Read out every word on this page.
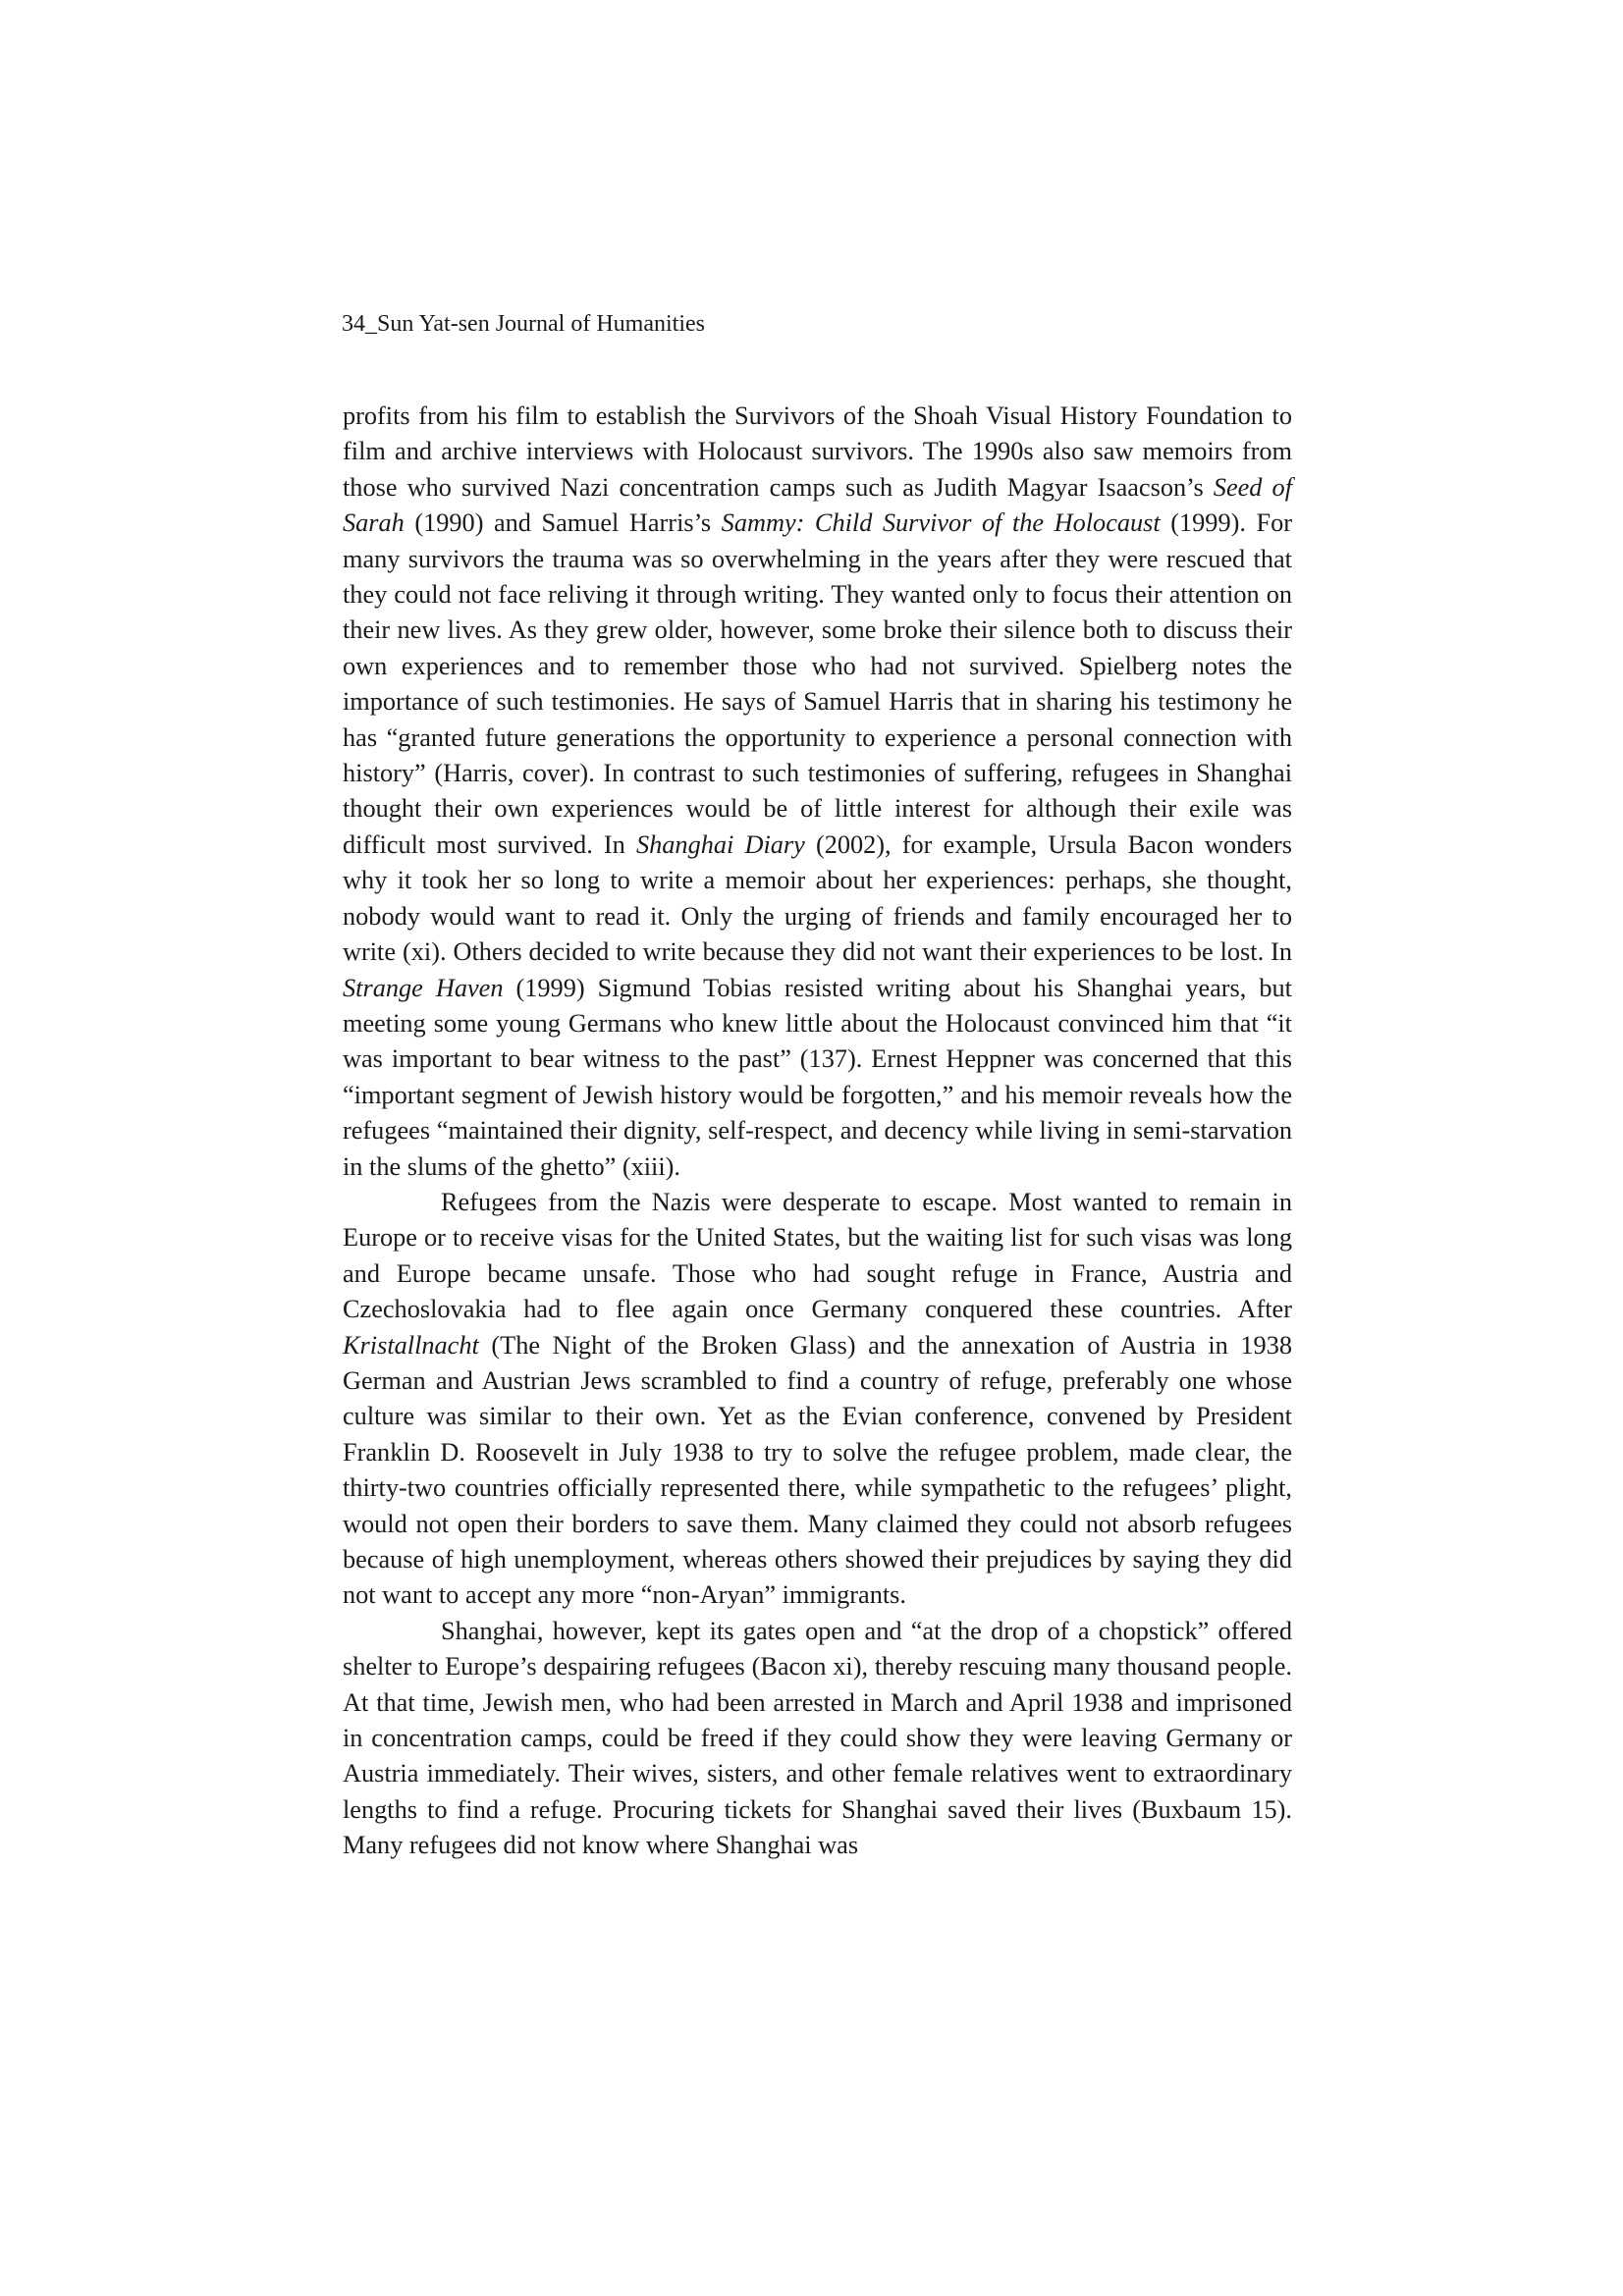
34_Sun Yat-sen Journal of Humanities

profits from his film to establish the Survivors of the Shoah Visual History Foundation to film and archive interviews with Holocaust survivors. The 1990s also saw memoirs from those who survived Nazi concentration camps such as Judith Magyar Isaacson’s Seed of Sarah (1990) and Samuel Harris’s Sammy: Child Survivor of the Holocaust (1999). For many survivors the trauma was so overwhelming in the years after they were rescued that they could not face reliving it through writing. They wanted only to focus their attention on their new lives. As they grew older, however, some broke their silence both to discuss their own experiences and to remember those who had not survived. Spielberg notes the importance of such testimonies. He says of Samuel Harris that in sharing his testimony he has “granted future generations the opportunity to experience a personal connection with history” (Harris, cover). In contrast to such testimonies of suffering, refugees in Shanghai thought their own experiences would be of little interest for although their exile was difficult most survived. In Shanghai Diary (2002), for example, Ursula Bacon wonders why it took her so long to write a memoir about her experiences: perhaps, she thought, nobody would want to read it. Only the urging of friends and family encouraged her to write (xi). Others decided to write because they did not want their experiences to be lost. In Strange Haven (1999) Sigmund Tobias resisted writing about his Shanghai years, but meeting some young Germans who knew little about the Holocaust convinced him that “it was important to bear witness to the past” (137). Ernest Heppner was concerned that this “important segment of Jewish history would be forgotten,” and his memoir reveals how the refugees “maintained their dignity, self-respect, and decency while living in semi-starvation in the slums of the ghetto” (xiii).

Refugees from the Nazis were desperate to escape. Most wanted to remain in Europe or to receive visas for the United States, but the waiting list for such visas was long and Europe became unsafe. Those who had sought refuge in France, Austria and Czechoslovakia had to flee again once Germany conquered these countries. After Kristallnacht (The Night of the Broken Glass) and the annexation of Austria in 1938 German and Austrian Jews scrambled to find a country of refuge, preferably one whose culture was similar to their own. Yet as the Evian conference, convened by President Franklin D. Roosevelt in July 1938 to try to solve the refugee problem, made clear, the thirty-two countries officially represented there, while sympathetic to the refugees’ plight, would not open their borders to save them. Many claimed they could not absorb refugees because of high unemployment, whereas others showed their prejudices by saying they did not want to accept any more “non-Aryan” immigrants.

Shanghai, however, kept its gates open and “at the drop of a chopstick” offered shelter to Europe’s despairing refugees (Bacon xi), thereby rescuing many thousand people. At that time, Jewish men, who had been arrested in March and April 1938 and imprisoned in concentration camps, could be freed if they could show they were leaving Germany or Austria immediately. Their wives, sisters, and other female relatives went to extraordinary lengths to find a refuge. Procuring tickets for Shanghai saved their lives (Buxbaum 15). Many refugees did not know where Shanghai was
